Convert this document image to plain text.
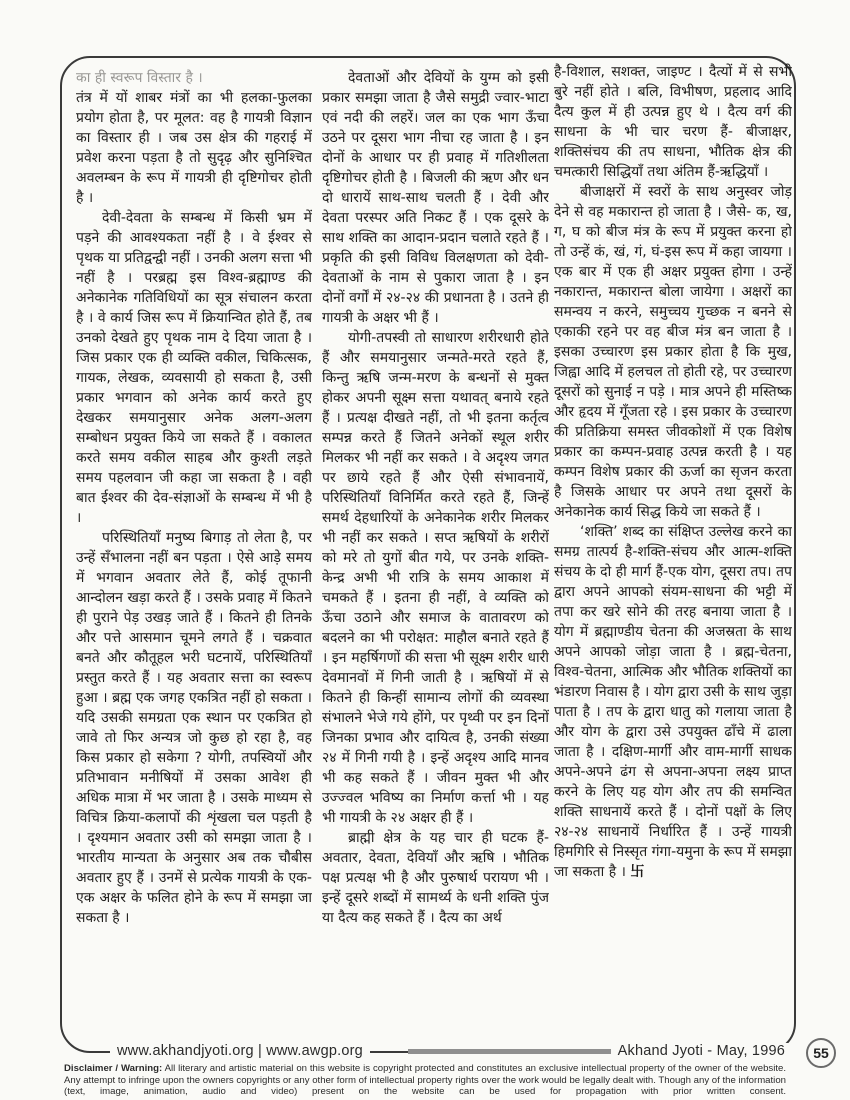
का ही स्वरूप विस्तार है ।

तंत्र में यों शाबर मंत्रों का भी हलका-फुलका प्रयोग होता है, पर मूलत: वह है गायत्री विज्ञान का विस्तार ही । जब उस क्षेत्र की गहराई में प्रवेश करना पड़ता है तो सुदृढ़ और सुनिश्चित अवलम्बन के रूप में गायत्री ही दृष्टिगोचर होती है ।

देवी-देवता के सम्बन्ध में किसी भ्रम में पड़ने की आवश्यकता नहीं है । वे ईश्वर से पृथक या प्रतिद्वन्द्वी नहीं । उनकी अलग सत्ता भी नहीं है । परब्रह्म इस विश्व-ब्रह्माण्ड की अनेकानेक गतिविधियों का सूत्र संचालन करता है । वे कार्य जिस रूप में क्रियान्वित होते हैं, तब उनको देखते हुए पृथक नाम दे दिया जाता है । जिस प्रकार एक ही व्यक्ति वकील, चिकित्सक, गायक, लेखक, व्यवसायी हो सकता है, उसी प्रकार भगवान को अनेक कार्य करते हुए देखकर समयानुसार अनेक अलग-अलग सम्बोधन प्रयुक्त किये जा सकते हैं । वकालत करते समय वकील साहब और कुश्ती लड़ते समय पहलवान जी कहा जा सकता है । वही बात ईश्वर की देव-संज्ञाओं के सम्बन्ध में भी है ।

परिस्थितियाँ मनुष्य बिगाड़ तो लेता है, पर उन्हें सँभालना नहीं बन पड़ता । ऐसे आड़े समय में भगवान अवतार लेते हैं, कोई तूफानी आन्दोलन खड़ा करते हैं । उसके प्रवाह में कितने ही पुराने पेड़ उखड़ जाते हैं । कितने ही तिनके और पत्ते आसमान चूमने लगते हैं । चक्रवात बनते और कौतूहल भरी घटनायें, परिस्थितियाँ प्रस्तुत करते हैं । यह अवतार सत्ता का स्वरूप हुआ । ब्रह्म एक जगह एकत्रित नहीं हो सकता । यदि उसकी समग्रता एक स्थान पर एकत्रित हो जावे तो फिर अन्यत्र जो कुछ हो रहा है, वह किस प्रकार हो सकेगा ? योगी, तपस्वियों और प्रतिभावान मनीषियों में उसका आवेश ही अधिक मात्रा में भर जाता है । उसके माध्यम से विचित्र क्रिया-कलापों की शृंखला चल पड़ती है । दृश्यमान अवतार उसी को समझा जाता है । भारतीय मान्यता के अनुसार अब तक चौबीस अवतार हुए हैं । उनमें से प्रत्येक गायत्री के एक-एक अक्षर के फलित होने के रूप में समझा जा सकता है ।

देवताओं और देवियों के युग्म को इसी प्रकार समझा जाता है जैसे समुद्री ज्वार-भाटा एवं नदी की लहरें। जल का एक भाग ऊँचा उठने पर दूसरा भाग नीचा रह जाता है । इन दोनों के आधार पर ही प्रवाह में गतिशीलता दृष्टिगोचर होती है । बिजली की ऋण और धन दो धारायें साथ-साथ चलती हैं । देवी और देवता परस्पर अति निकट हैं । एक दूसरे के साथ शक्ति का आदान-प्रदान चलाते रहते हैं । प्रकृति की इसी विविध विलक्षणता को देवी-देवताओं के नाम से पुकारा जाता है । इन दोनों वर्गों में २४-२४ की प्रधानता है । उतने ही गायत्री के अक्षर भी हैं ।

योगी-तपस्वी तो साधारण शरीरधारी होते हैं और समयानुसार जन्मते-मरते रहते हैं, किन्तु ऋषि जन्म-मरण के बन्धनों से मुक्त होकर अपनी सूक्ष्म सत्ता यथावत् बनाये रहते हैं । प्रत्यक्ष दीखते नहीं, तो भी इतना कर्तृत्व सम्पन्न करते हैं जितने अनेकों स्थूल शरीर मिलकर भी नहीं कर सकते । वे अदृश्य जगत पर छाये रहते हैं और ऐसी संभावनायें, परिस्थितियाँ विनिर्मित करते रहते हैं, जिन्हें समर्थ देहधारियों के अनेकानेक शरीर मिलकर भी नहीं कर सकते । सप्त ऋषियों के शरीरों को मरे तो युगों बीत गये, पर उनके शक्ति-केन्द्र अभी भी रात्रि के समय आकाश में चमकते हैं । इतना ही नहीं, वे व्यक्ति को ऊँचा उठाने और समाज के वातावरण को बदलने का भी परोक्षत: माहौल बनाते रहते हैं । इन महर्षिगणों की सत्ता भी सूक्ष्म शरीर धारी देवमानवों में गिनी जाती है । ऋषियों में से कितने ही किन्हीं सामान्य लोगों की व्यवस्था संभालने भेजे गये होंगे, पर पृथ्वी पर इन दिनों जिनका प्रभाव और दायित्व है, उनकी संख्या २४ में गिनी गयी है । इन्हें अदृश्य आदि मानव भी कह सकते हैं । जीवन मुक्त भी और उज्ज्वल भविष्य का निर्माण कर्त्ता भी । यह भी गायत्री के २४ अक्षर ही हैं ।

ब्राह्मी क्षेत्र के यह चार ही घटक हैं-अवतार, देवता, देवियाँ और ऋषि । भौतिक पक्ष प्रत्यक्ष भी है और पुरुषार्थ परायण भी । इन्हें दूसरे शब्दों में सामर्थ्य के धनी शक्ति पुंज या दैत्य कह सकते हैं । दैत्य का अर्थ

है-विशाल, सशक्त, जाइण्ट । दैत्यों में से सभी बुरे नहीं होते । बलि, विभीषण, प्रहलाद आदि दैत्य कुल में ही उत्पन्न हुए थे । दैत्य वर्ग की साधना के भी चार चरण हैं- बीजाक्षर, शक्तिसंचय की तप साधना, भौतिक क्षेत्र की चमत्कारी सिद्धियाँ तथा अंतिम हैं-ऋद्धियाँ ।

बीजाक्षरों में स्वरों के साथ अनुस्वर जोड़ देने से वह मकारान्त हो जाता है । जैसे- क, ख, ग, घ को बीज मंत्र के रूप में प्रयुक्त करना हो तो उन्हें कं, खं, गं, घं-इस रूप में कहा जायगा । एक बार में एक ही अक्षर प्रयुक्त होगा । उन्हें नकारान्त, मकारान्त बोला जायेगा । अक्षरों का समन्वय न करने, समुच्चय गुच्छक न बनने से एकाकी रहने पर वह बीज मंत्र बन जाता है । इसका उच्चारण इस प्रकार होता है कि मुख, जिह्वा आदि में हलचल तो होती रहे, पर उच्चारण दूसरों को सुनाई न पड़े । मात्र अपने ही मस्तिष्क और हृदय में गूँजता रहे । इस प्रकार के उच्चारण की प्रतिक्रिया समस्त जीवकोशों में एक विशेष प्रकार का कम्पन-प्रवाह उत्पन्न करती है । यह कम्पन विशेष प्रकार की ऊर्जा का सृजन करता है जिसके आधार पर अपने तथा दूसरों के अनेकानेक कार्य सिद्ध किये जा सकते हैं ।

‘शक्ति’ शब्द का संक्षिप्त उल्लेख करने का समग्र तात्पर्य है-शक्ति-संचय और आत्म-शक्ति संचय के दो ही मार्ग हैं-एक योग, दूसरा तप। तप द्वारा अपने आपको संयम-साधना की भट्टी में तपा कर खरे सोने की तरह बनाया जाता है । योग में ब्रह्माण्डीय चेतना की अजस्रता के साथ अपने आपको जोड़ा जाता है । ब्रह्म-चेतना, विश्व-चेतना, आत्मिक और भौतिक शक्तियों का भंडारण निवास है । योग द्वारा उसी के साथ जुड़ा पाता है । तप के द्वारा धातु को गलाया जाता है और योग के द्वारा उसे उपयुक्त ढाँचे में ढाला जाता है । दक्षिण-मार्गी और वाम-मार्गी साधक अपने-अपने ढंग से अपना-अपना लक्ष्य प्राप्त करने के लिए यह योग और तप की समन्वित शक्ति साधनायें करते हैं । दोनों पक्षों के लिए २४-२४ साधनायें निर्धारित हैं । उन्हें गायत्री हिमगिरि से निस्सृत गंगा-यमुना के रूप में समझा जा सकता है । 卐

www.akhandjyoti.org | www.awgp.org	Akhand Jyoti - May, 1996	55
Disclaimer / Warning: All literary and artistic material on this website is copyright protected and constitutes an exclusive intellectual property of the owner of the website. Any attempt to infringe upon the owners copyrights or any other form of intellectual property rights over the work would be legally dealt with. Though any of the information (text, image, animation, audio and video) present on the website can be used for propagation with prior written consent.
